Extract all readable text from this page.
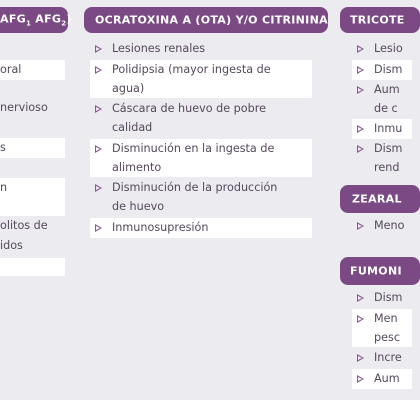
$AFG_1$ $AFG_2$)
oral
nervioso
s
n
olitos de
idos
OCRATOXINA A (OTA) Y/O CITRININA
Lesiones renales
Polidipsia (mayor ingesta de
agua)
Cáscara de huevo de pobre
calidad
Disminución en la ingesta de
alimento
Disminución de la producción
de huevo
Inmunosupresión
TRICOTE
Lesio
Dism
Aum
de c
Inmu
Dism
rend
ZEARAL
Meno
FUMONI
Dism
Men
pesc
Incre
Aum
